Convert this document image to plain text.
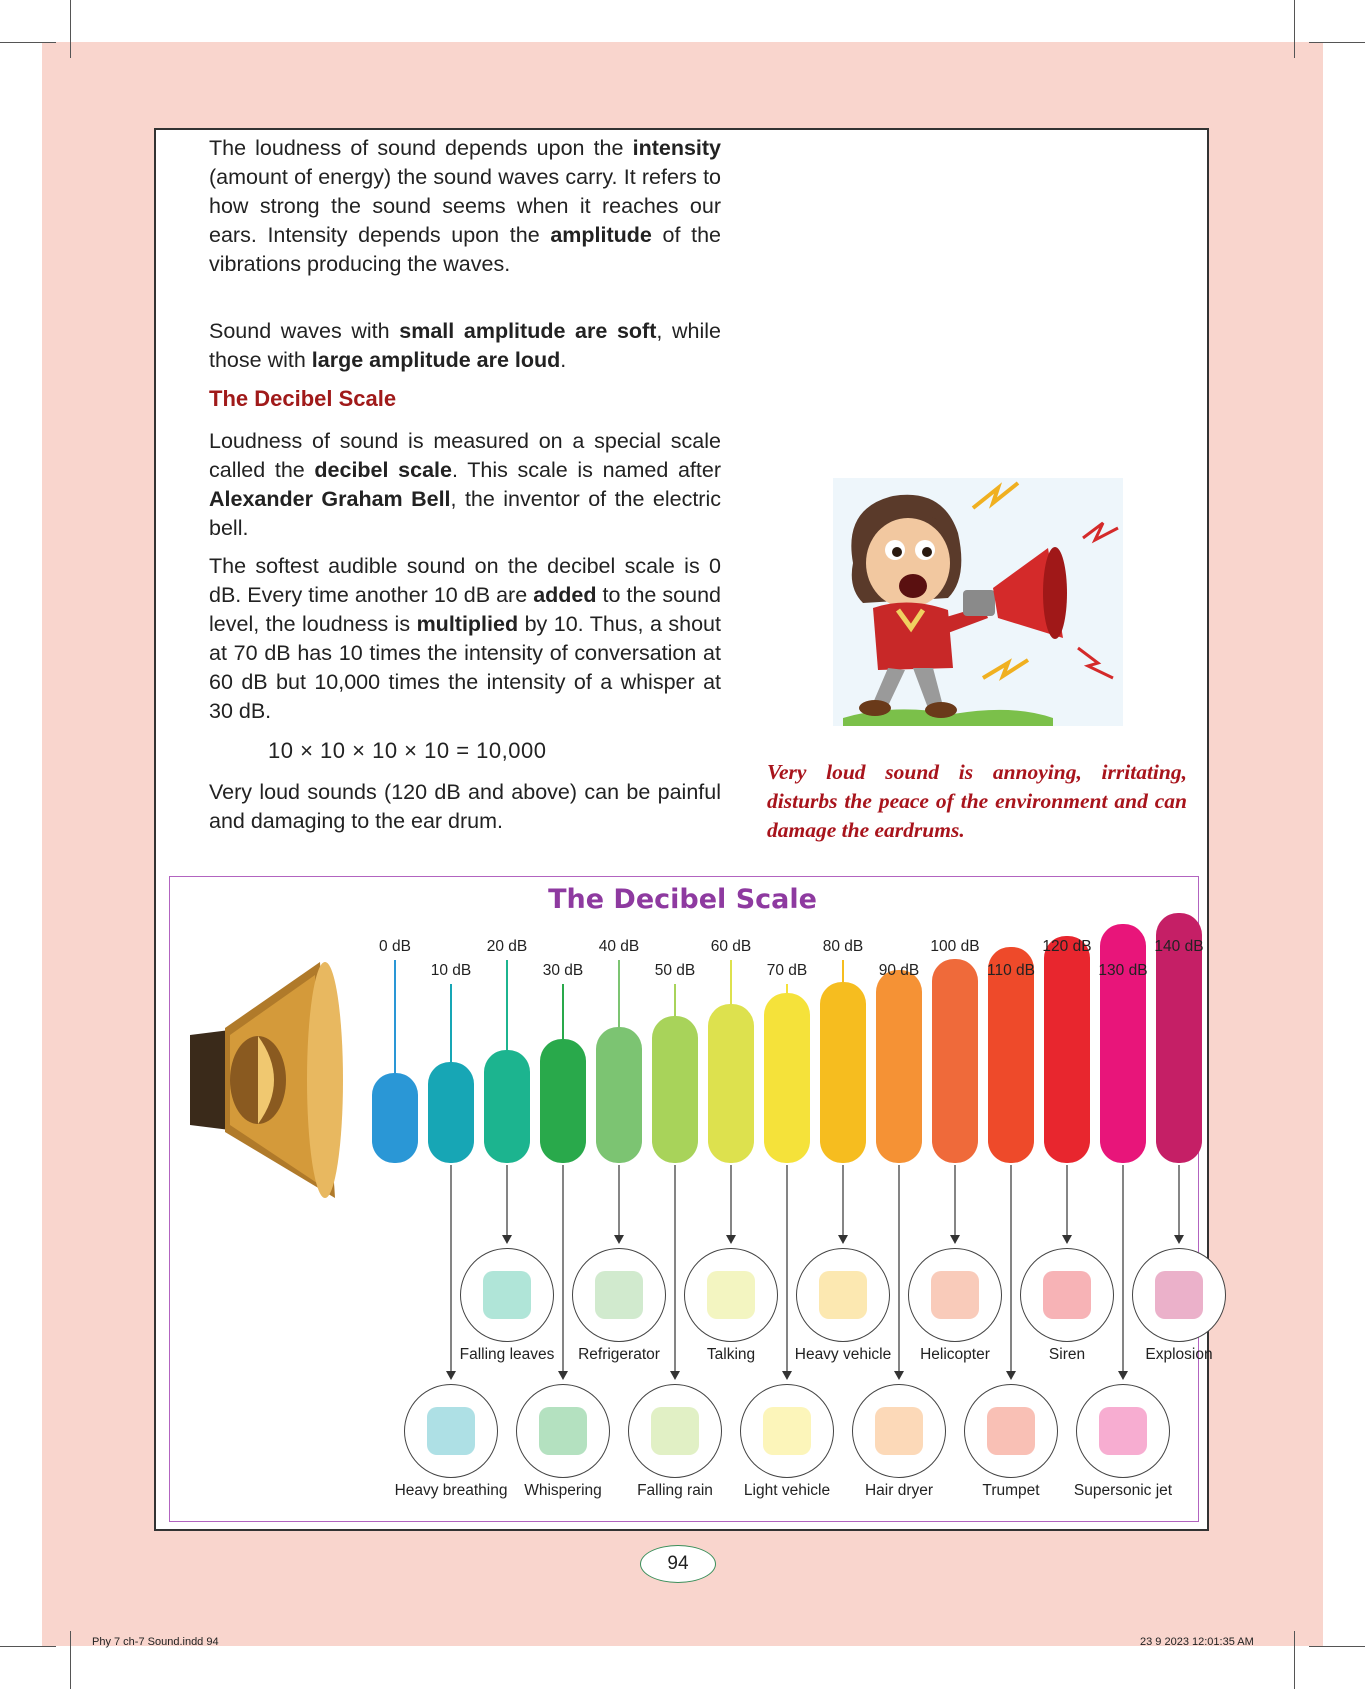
The loudness of sound depends upon the intensity (amount of energy) the sound waves carry. It refers to how strong the sound seems when it reaches our ears. Intensity depends upon the amplitude of the vibrations producing the waves.
Sound waves with small amplitude are soft, while those with large amplitude are loud.
The Decibel Scale
Loudness of sound is measured on a special scale called the decibel scale. This scale is named after Alexander Graham Bell, the inventor of the electric bell.
The softest audible sound on the decibel scale is 0 dB. Every time another 10 dB are added to the sound level, the loudness is multiplied by 10. Thus, a shout at 70 dB has 10 times the intensity of conversation at 60 dB but 10,000 times the intensity of a whisper at 30 dB.
10 × 10 × 10 × 10 = 10,000
Very loud sounds (120 dB and above) can be painful and damaging to the ear drum.
Very loud sound is annoying, irritating, disturbs the peace of the environment and can damage the eardrums.
The Decibel Scale
0 dB
10 dB
Heavy breathing
20 dB
Falling leaves
30 dB
Whispering
40 dB
Refrigerator
50 dB
Falling rain
60 dB
Talking
70 dB
Light vehicle
80 dB
Heavy vehicle
90 dB
Hair dryer
100 dB
Helicopter
110 dB
Trumpet
120 dB
Siren
130 dB
Supersonic jet
140 dB
Explosion
94
Phy 7 ch-7 Sound.indd 94	23 9 2023 12:01:35 AM
